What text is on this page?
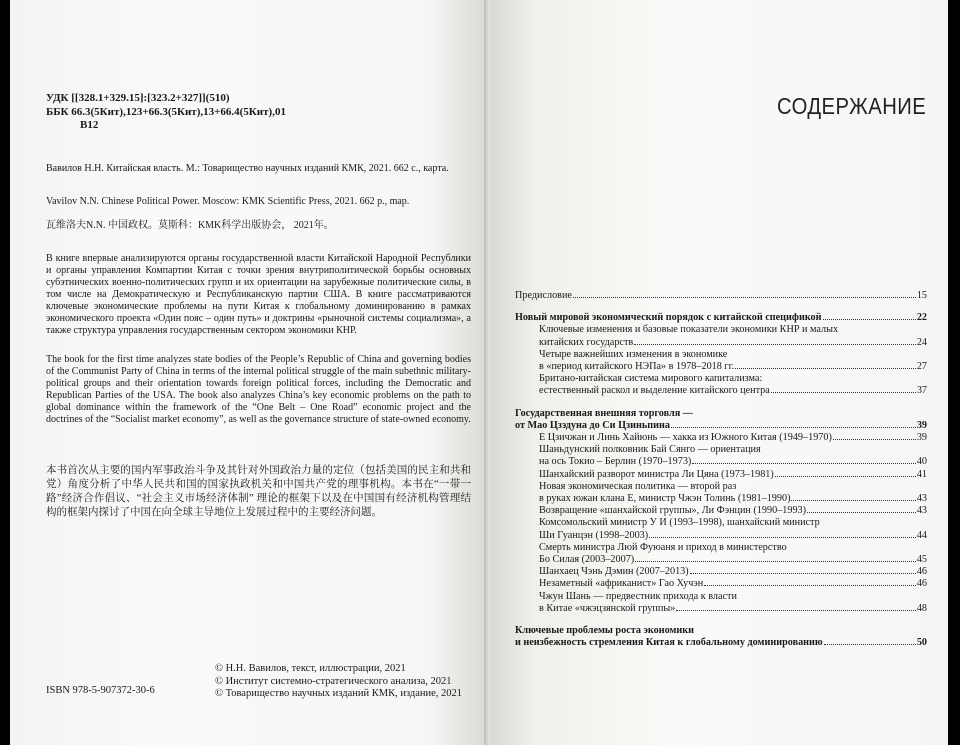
УДК [[328.1+329.15]:[323.2+327]](510)
ББК 66.3(5Кит),123+66.3(5Кит),13+66.4(5Кит),01
В12
Вавилов Н.Н. Китайская власть. М.: Товарищество научных изданий КМК, 2021. 662 с., карта.
Vavilov N.N. Chinese Political Power. Moscow: KMK Scientific Press, 2021. 662 p., map.
瓦维洛夫N.N. 中国政权。莫斯科：KMK科学出版协会， 2021年。
В книге впервые анализируются органы государственной власти Китайской Народной Республики и органы управления Компартии Китая с точки зрения внутриполитической борьбы основных субэтнических военно-политических групп и их ориентации на зарубежные политические силы, в том числе на Демократическую и Республиканскую партии США. В книге рассматриваются ключевые экономические проблемы на пути Китая к глобальному доминированию в рамках экономического проекта «Один пояс – один путь» и доктрины «рыночной системы социализма», а также структура управления государственным сектором экономики КНР.
The book for the first time analyzes state bodies of the People’s Republic of China and governing bodies of the Communist Party of China in terms of the internal political struggle of the main subethnic military-political groups and their orientation towards foreign political forces, including the Democratic and Republican Parties of the USA. The book also analyzes China’s key economic problems on the path to global dominance within the framework of the “One Belt – One Road” economic project and the doctrines of the “Socialist market economy”, as well as the governance structure of state-owned economy.
本书首次从主要的国内军事政治斗争及其针对外国政治力量的定位（包括美国的民主和共和党）角度分析了中华人民共和国的国家执政机关和中国共产党的理事机构。本书在“一带一路”经济合作倡议、“社会主义市场经济体制” 理论的框架下以及在中国国有经济机构管理结构的框架内探讨了中国在向全球主导地位上发展过程中的主要经济问题。
ISBN 978-5-907372-30-6
© Н.Н. Вавилов, текст, иллюстрации, 2021
© Институт системно-стратегического анализа, 2021
© Товарищество научных изданий КМК, издание, 2021
СОДЕРЖАНИЕ
Предисловие	15
Новый мировой экономический порядок с китайской спецификой	22
Ключевые изменения и базовые показатели экономики КНР и малых
китайских государств	24
Четыре важнейших изменения в экономике
в «период китайского НЭПа» в 1978–2018 гг.	27
Британо-китайская система мирового капитализма:
естественный раскол и выделение китайского центра	37
Государственная внешняя торговля —
от Мао Цзэдуна до Си Цзиньпина	39
Е Цзичжан и Линь Хайюнь — хакка из Южного Китая (1949–1970)	39
Шаньдунский полковник Бай Сянго — ориентация
на ось Токио – Берлин (1970–1973)	40
Шанхайский разворот министра Ли Цяна (1973–1981)	41
Новая экономическая политика — второй раз
в руках южан клана Е, министр Чжэн Толинь (1981–1990)	43
Возвращение «шанхайской группы», Ли Фэнцин (1990–1993)	43
Комсомольский министр У И (1993–1998), шанхайский министр
Ши Гуанцэн (1998–2003)	44
Смерть министра Люй Фуюаня и приход в министерство
Бо Силая (2003–2007)	45
Шанхаец Чэнь Дэмин (2007–2013)	46
Незаметный «африканист» Гао Хучэн	46
Чжун Шань — предвестник прихода к власти
в Китае «чжэцзянской группы»	48
Ключевые проблемы роста экономики
и неизбежность стремления Китая к глобальному доминированию	50
